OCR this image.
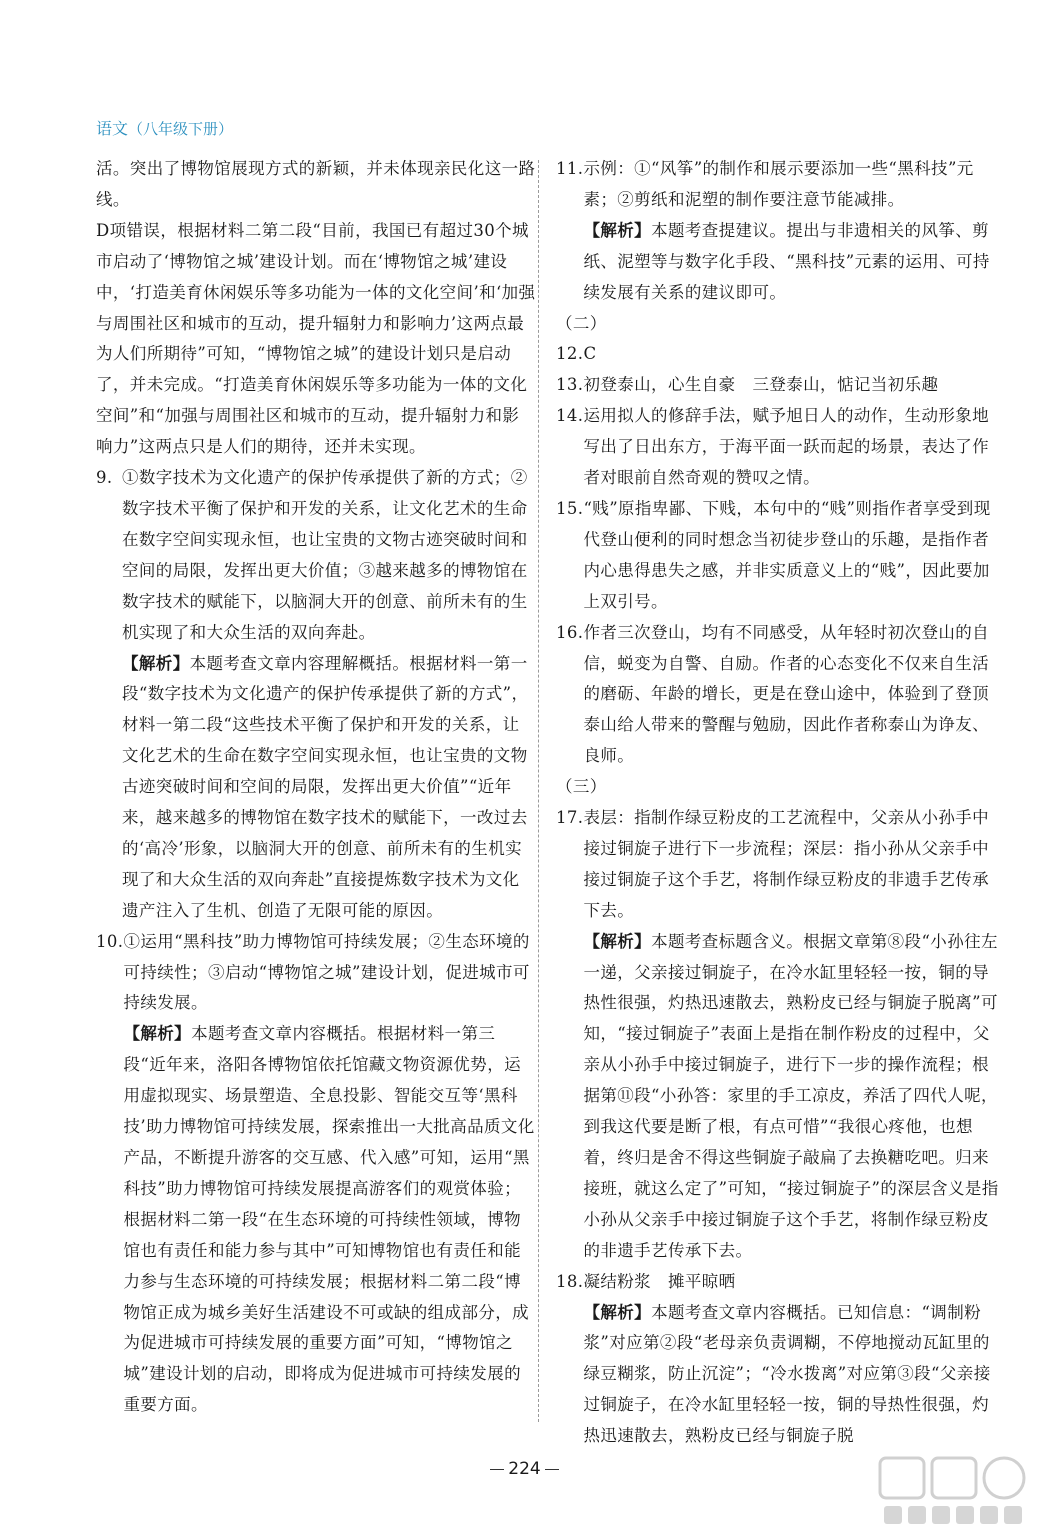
语文（八年级下册）

活。突出了博物馆展现方式的新颖，并未体现亲民化这一路线。

D项错误，根据材料二第二段“目前，我国已有超过30个城市启动了‘博物馆之城’建设计划。而在‘博物馆之城’建设中，‘打造美育休闲娱乐等多功能为一体的文化空间’和‘加强与周围社区和城市的互动，提升辐射力和影响力’这两点最为人们所期待”可知，“博物馆之城”的建设计划只是启动了，并未完成。“打造美育休闲娱乐等多功能为一体的文化空间”和“加强与周围社区和城市的互动，提升辐射力和影响力”这两点只是人们的期待，还并未实现。

9. ①数字技术为文化遗产的保护传承提供了新的方式；②数字技术平衡了保护和开发的关系，让文化艺术的生命在数字空间实现永恒，也让宝贵的文物古迹突破时间和空间的局限，发挥出更大价值；③越来越多的博物馆在数字技术的赋能下，以脑洞大开的创意、前所未有的生机实现了和大众生活的双向奔赴。
【解析】本题考查文章内容理解概括。根据材料一第一段“数字技术为文化遗产的保护传承提供了新的方式”，材料一第二段“这些技术平衡了保护和开发的关系，让文化艺术的生命在数字空间实现永恒，也让宝贵的文物古迹突破时间和空间的局限，发挥出更大价值”“近年来，越来越多的博物馆在数字技术的赋能下，一改过去的‘高冷’形象，以脑洞大开的创意、前所未有的生机实现了和大众生活的双向奔赴”直接提炼数字技术为文化遗产注入了生机、创造了无限可能的原因。
10. ①运用“黑科技”助力博物馆可持续发展；②生态环境的可持续性；③启动“博物馆之城”建设计划，促进城市可持续发展。
【解析】本题考查文章内容概括。根据材料一第三段“近年来，洛阳各博物馆依托馆藏文物资源优势，运用虚拟现实、场景塑造、全息投影、智能交互等‘黑科技’助力博物馆可持续发展，探索推出一大批高品质文化产品，不断提升游客的交互感、代入感”可知，运用“黑科技”助力博物馆可持续发展提高游客们的观赏体验；根据材料二第一段“在生态环境的可持续性领域，博物馆也有责任和能力参与其中”可知博物馆也有责任和能力参与生态环境的可持续发展；根据材料二第二段“博物馆正成为城乡美好生活建设不可或缺的组成部分，成为促进城市可持续发展的重要方面”可知，“博物馆之城”建设计划的启动，即将成为促进城市可持续发展的重要方面。
11. 示例：①“风筝”的制作和展示要添加一些“黑科技”元素；②剪纸和泥塑的制作要注意节能减排。
【解析】本题考查提建议。提出与非遗相关的风筝、剪纸、泥塑等与数字化手段、“黑科技”元素的运用、可持续发展有关系的建议即可。

（二）

12. C
13. 初登泰山，心生自豪　三登泰山，惦记当初乐趣
14. 运用拟人的修辞手法，赋予旭日人的动作，生动形象地写出了日出东方，于海平面一跃而起的场景，表达了作者对眼前自然奇观的赞叹之情。
15. “贱”原指卑鄙、下贱，本句中的“贱”则指作者享受到现代登山便利的同时想念当初徒步登山的乐趣，是指作者内心患得患失之感，并非实质意义上的“贱”，因此要加上双引号。
16. 作者三次登山，均有不同感受，从年轻时初次登山的自信，蜕变为自警、自励。作者的心态变化不仅来自生活的磨砺、年龄的增长，更是在登山途中，体验到了登顶泰山给人带来的警醒与勉励，因此作者称泰山为诤友、良师。

（三）

17. 表层：指制作绿豆粉皮的工艺流程中，父亲从小孙手中接过铜旋子进行下一步流程；深层：指小孙从父亲手中接过铜旋子这个手艺，将制作绿豆粉皮的非遗手艺传承下去。
【解析】本题考查标题含义。根据文章第⑧段“小孙往左一递，父亲接过铜旋子，在冷水缸里轻轻一按，铜的导热性很强，灼热迅速散去，熟粉皮已经与铜旋子脱离”可知，“接过铜旋子”表面上是指在制作粉皮的过程中，父亲从小孙手中接过铜旋子，进行下一步的操作流程；根据第⑪段“小孙答：家里的手工凉皮，养活了四代人呢，到我这代要是断了根，有点可惜”“我很心疼他，也想着，终归是舍不得这些铜旋子敲扁了去换糖吃吧。归来接班，就这么定了”可知，“接过铜旋子”的深层含义是指小孙从父亲手中接过铜旋子这个手艺，将制作绿豆粉皮的非遗手艺传承下去。
18. 凝结粉浆　摊平晾晒
【解析】本题考查文章内容概括。已知信息：“调制粉浆”对应第②段“老母亲负责调糊，不停地搅动瓦缸里的绿豆糊浆，防止沉淀”；“冷水拨离”对应第③段“父亲接过铜旋子，在冷水缸里轻轻一按，铜的导热性很强，灼热迅速散去，熟粉皮已经与铜旋子脱
224
